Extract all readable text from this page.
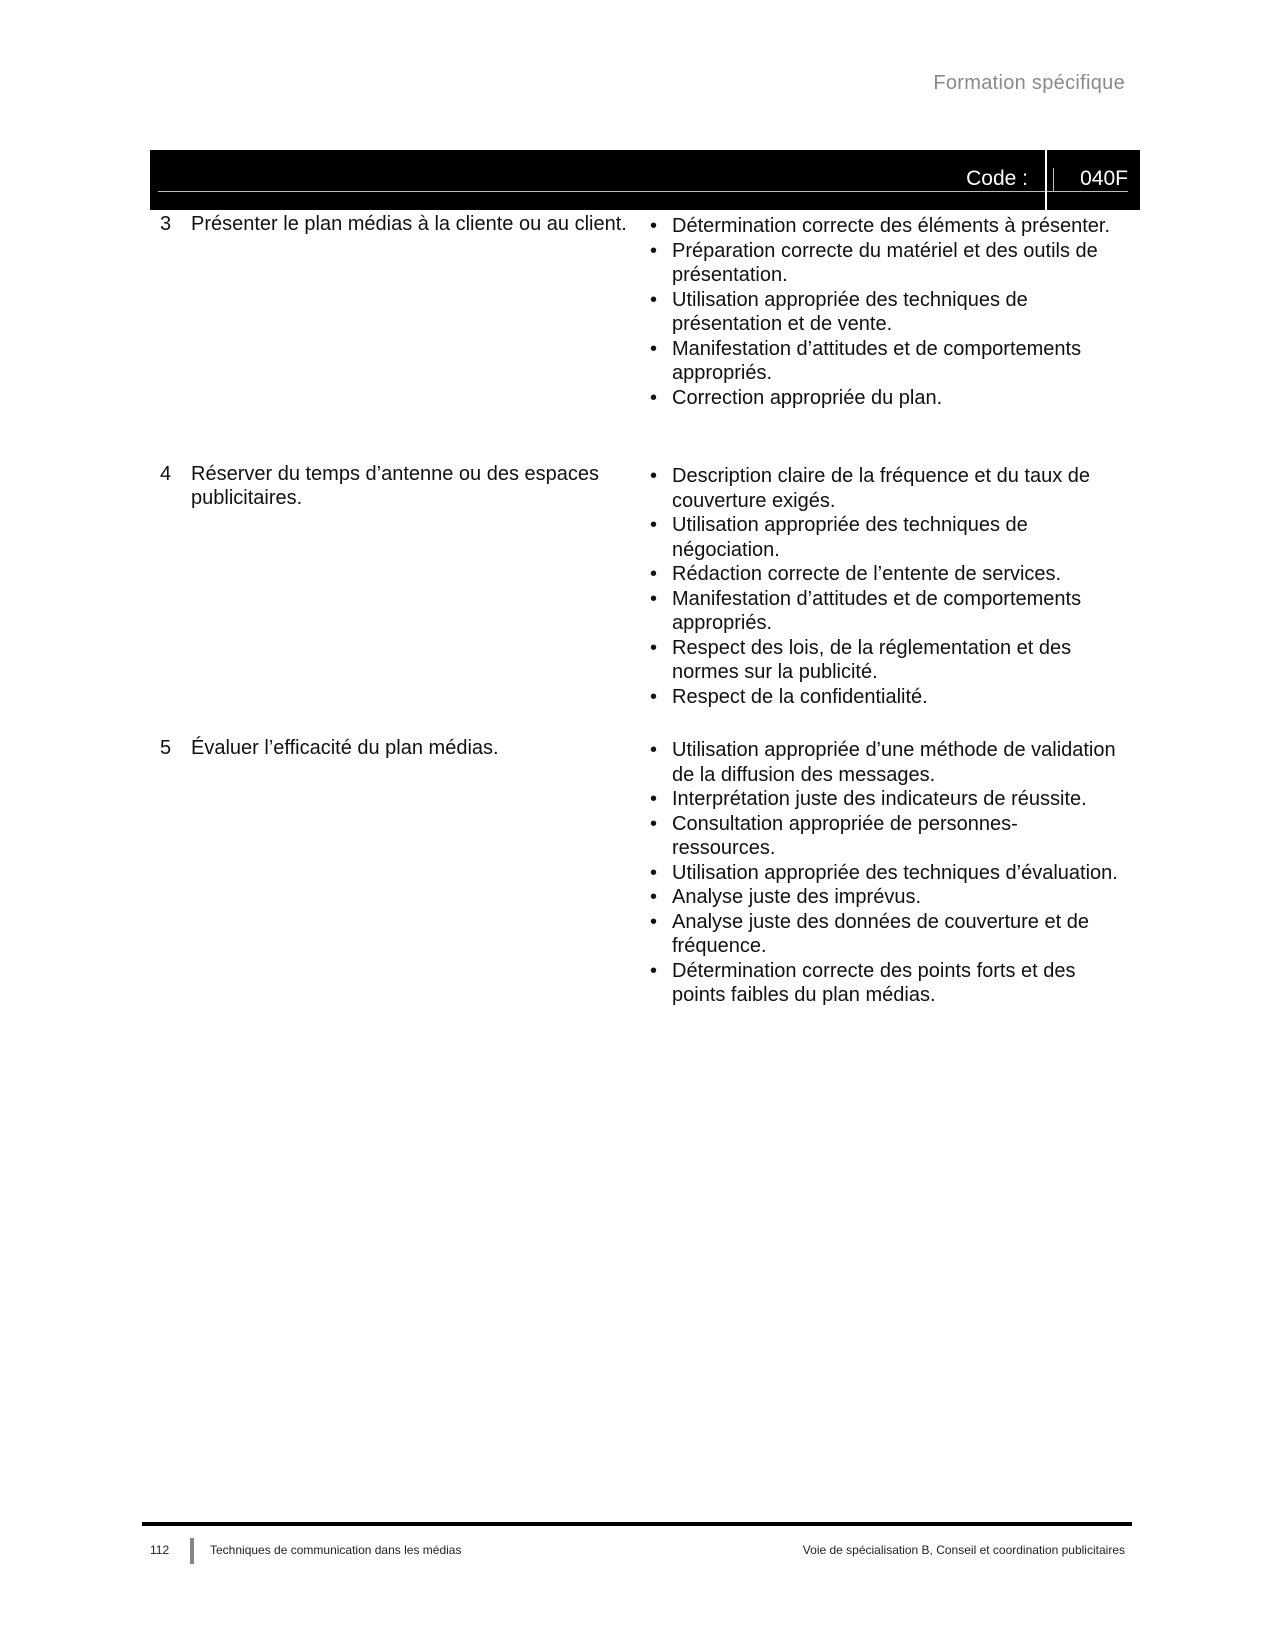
Formation spécifique
Code : 040F
3 Présenter le plan médias à la cliente ou au client.	• Détermination correcte des éléments à présenter.
• Préparation correcte du matériel et des outils de présentation.
• Utilisation appropriée des techniques de présentation et de vente.
• Manifestation d’attitudes et de comportements appropriés.
• Correction appropriée du plan.
4 Réserver du temps d’antenne ou des espaces publicitaires.
• Description claire de la fréquence et du taux de couverture exigés.
• Utilisation appropriée des techniques de négociation.
• Rédaction correcte de l’entente de services.
• Manifestation d’attitudes et de comportements appropriés.
• Respect des lois, de la réglementation et des normes sur la publicité.
• Respect de la confidentialité.
5 Évaluer l’efficacité du plan médias.	• Utilisation appropriée d’une méthode de validation de la diffusion des messages.
• Interprétation juste des indicateurs de réussite.
• Consultation appropriée de personnes-ressources.
• Utilisation appropriée des techniques d’évaluation.
• Analyse juste des imprévus.
• Analyse juste des données de couverture et de fréquence.
• Détermination correcte des points forts et des points faibles du plan médias.
112	Techniques de communication dans les médias	Voie de spécialisation B, Conseil et coordination publicitaires
